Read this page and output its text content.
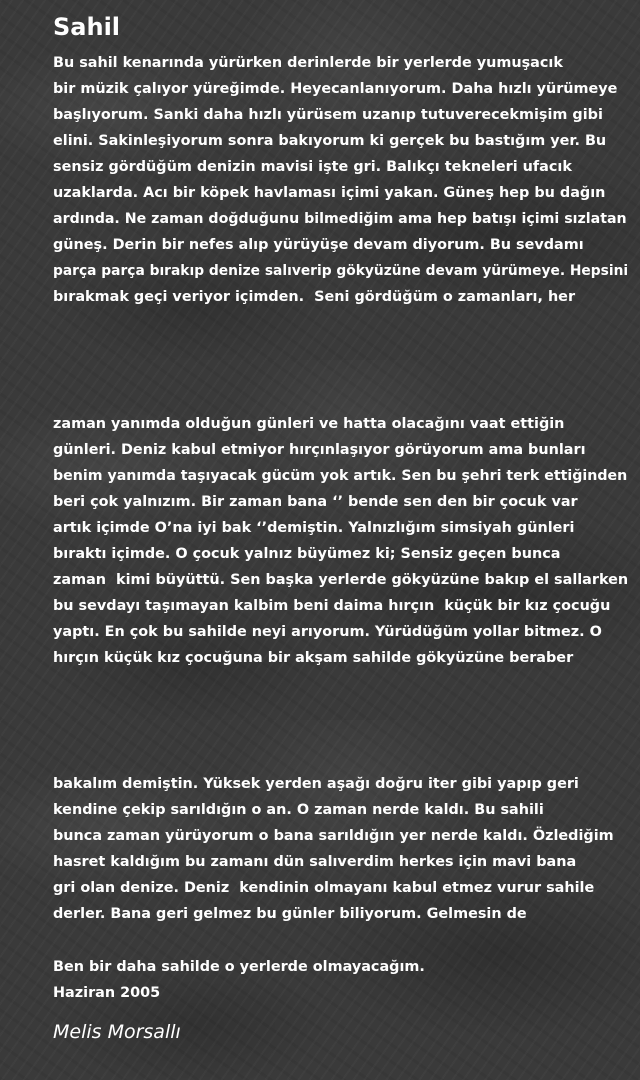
Sahil
Bu sahil kenarında yürürken derinlerde bir yerlerde yumuşacık
bir müzik çalıyor yüreğimde. Heyecanlanıyorum. Daha hızlı yürümeye
başlıyorum. Sanki daha hızlı yürüsem uzanıp tutuverecekmişim gibi
elini. Sakinleşiyorum sonra bakıyorum ki gerçek bu bastığım yer. Bu
sensiz gördüğüm denizin mavisi işte gri. Balıkçı tekneleri ufacık
uzaklarda. Acı bir köpek havlaması içimi yakan. Güneş hep bu dağın
ardında. Ne zaman doğduğunu bilmediğim ama hep batışı içimi sızlatan
güneş. Derin bir nefes alıp yürüyüşe devam diyorum. Bu sevdamı
parça parça bırakıp denize salıverip gökyüzüne devam yürümeye. Hepsini
bırakmak geçi veriyor içimden.  Seni gördüğüm o zamanları, her
zaman yanımda olduğun günleri ve hatta olacağını vaat ettiğin
günleri. Deniz kabul etmiyor hırçınlaşıyor görüyorum ama bunları
benim yanımda taşıyacak gücüm yok artık. Sen bu şehri terk ettiğinden
beri çok yalnızım. Bir zaman bana ‘’ bende sen den bir çocuk var
artık içimde O’na iyi bak ‘’demiştin. Yalnızlığım simsiyah günleri
bıraktı içimde. O çocuk yalnız büyümez ki; Sensiz geçen bunca
zaman  kimi büyüttü. Sen başka yerlerde gökyüzüne bakıp el sallarken
bu sevdayı taşımayan kalbim beni daima hırçın  küçük bir kız çocuğu
yaptı. En çok bu sahilde neyi arıyorum. Yürüdüğüm yollar bitmez. O
hırçın küçük kız çocuğuna bir akşam sahilde gökyüzüne beraber
bakalım demiştin. Yüksek yerden aşağı doğru iter gibi yapıp geri
kendine çekip sarıldığın o an. O zaman nerde kaldı. Bu sahili
bunca zaman yürüyorum o bana sarıldığın yer nerde kaldı. Özlediğim
hasret kaldığım bu zamanı dün salıverdim herkes için mavi bana
gri olan denize. Deniz  kendinin olmayanı kabul etmez vurur sahile
derler. Bana geri gelmez bu günler biliyorum. Gelmesin de
Ben bir daha sahilde o yerlerde olmayacağım.
Haziran 2005
Melis Morsallı
